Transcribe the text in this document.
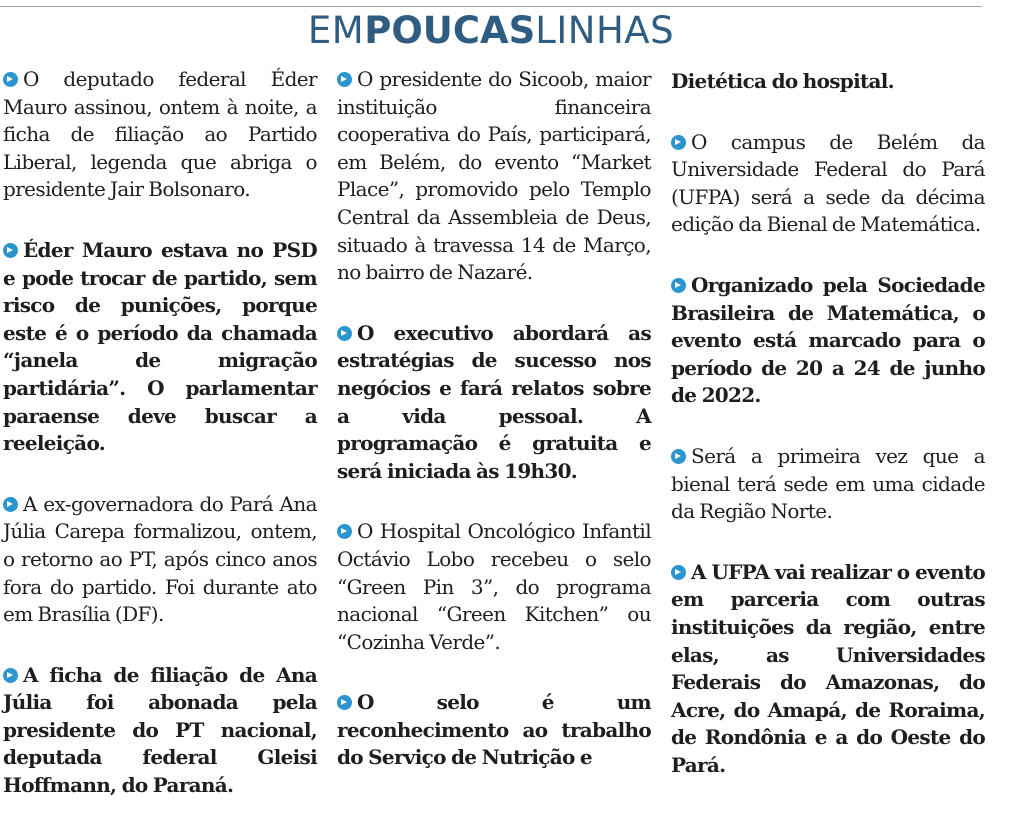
EMPOUCASLINHAS

O deputado federal Éder Mauro assinou, ontem à noite, a ficha de filiação ao Partido Liberal, legenda que abriga o presidente Jair Bolsonaro.

Éder Mauro estava no PSD e pode trocar de partido, sem risco de punições, porque este é o período da chamada “janela de migração partidária”. O parlamentar paraense deve buscar a reeleição.

A ex-governadora do Pará Ana Júlia Carepa formalizou, ontem, o retorno ao PT, após cinco anos fora do partido. Foi durante ato em Brasília (DF).

A ficha de filiação de Ana Júlia foi abonada pela presidente do PT nacional, deputada federal Gleisi Hoffmann, do Paraná.

O presidente do Sicoob, maior instituição financeira cooperativa do País, participará, em Belém, do evento “Market Place”, promovido pelo Templo Central da Assembleia de Deus, situado à travessa 14 de Março, no bairro de Nazaré.

O executivo abordará as estratégias de sucesso nos negócios e fará relatos sobre a vida pessoal. A programação é gratuita e será iniciada às 19h30.

O Hospital Oncológico Infantil Octávio Lobo recebeu o selo “Green Pin 3”, do programa nacional “Green Kitchen” ou “Cozinha Verde”.

O selo é um reconhecimento ao trabalho do Serviço de Nutrição e

Dietética do hospital.

O campus de Belém da Universidade Federal do Pará (UFPA) será a sede da décima edição da Bienal de Matemática.

Organizado pela Sociedade Brasileira de Matemática, o evento está marcado para o período de 20 a 24 de junho de 2022.

Será a primeira vez que a bienal terá sede em uma cidade da Região Norte.

A UFPA vai realizar o evento em parceria com outras instituições da região, entre elas, as Universidades Federais do Amazonas, do Acre, do Amapá, de Roraima, de Rondônia e a do Oeste do Pará.
